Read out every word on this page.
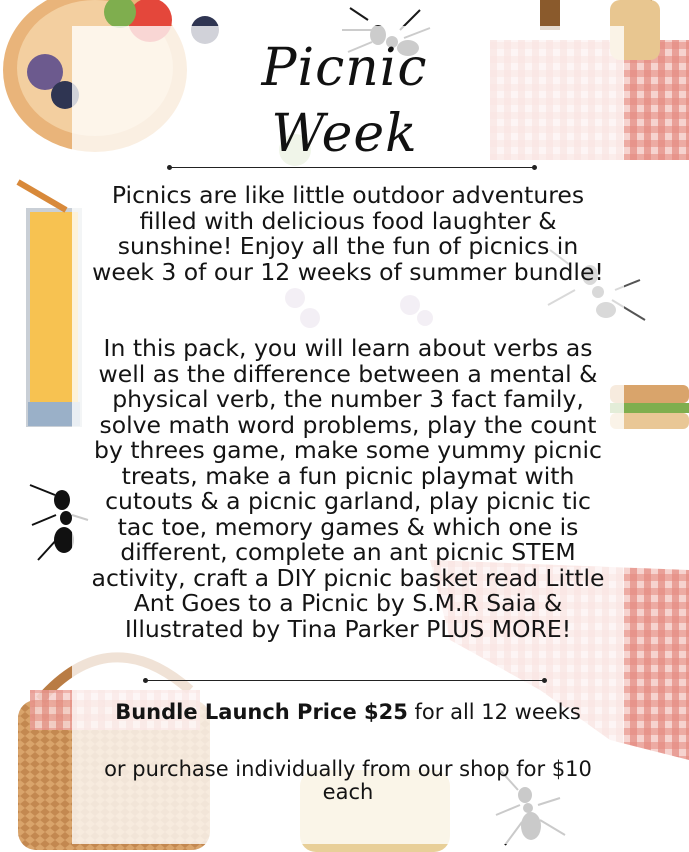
Picnic
Week
Picnics are like little outdoor adventures filled with delicious food laughter & sunshine! Enjoy all the fun of picnics in week 3 of our 12 weeks of summer bundle!
In this pack, you will learn about verbs as well as the difference between a mental & physical verb, the number 3 fact family, solve math word problems, play the count by threes game, make some yummy picnic treats, make a fun picnic playmat with cutouts & a picnic garland, play picnic tic tac toe, memory games & which one is different, complete an ant picnic STEM activity, craft a DIY picnic basket read Little Ant Goes to a Picnic by S.M.R Saia & Illustrated by Tina Parker PLUS MORE!
Bundle Launch Price $25 for all 12 weeks
or purchase individually from our shop for $10 each
